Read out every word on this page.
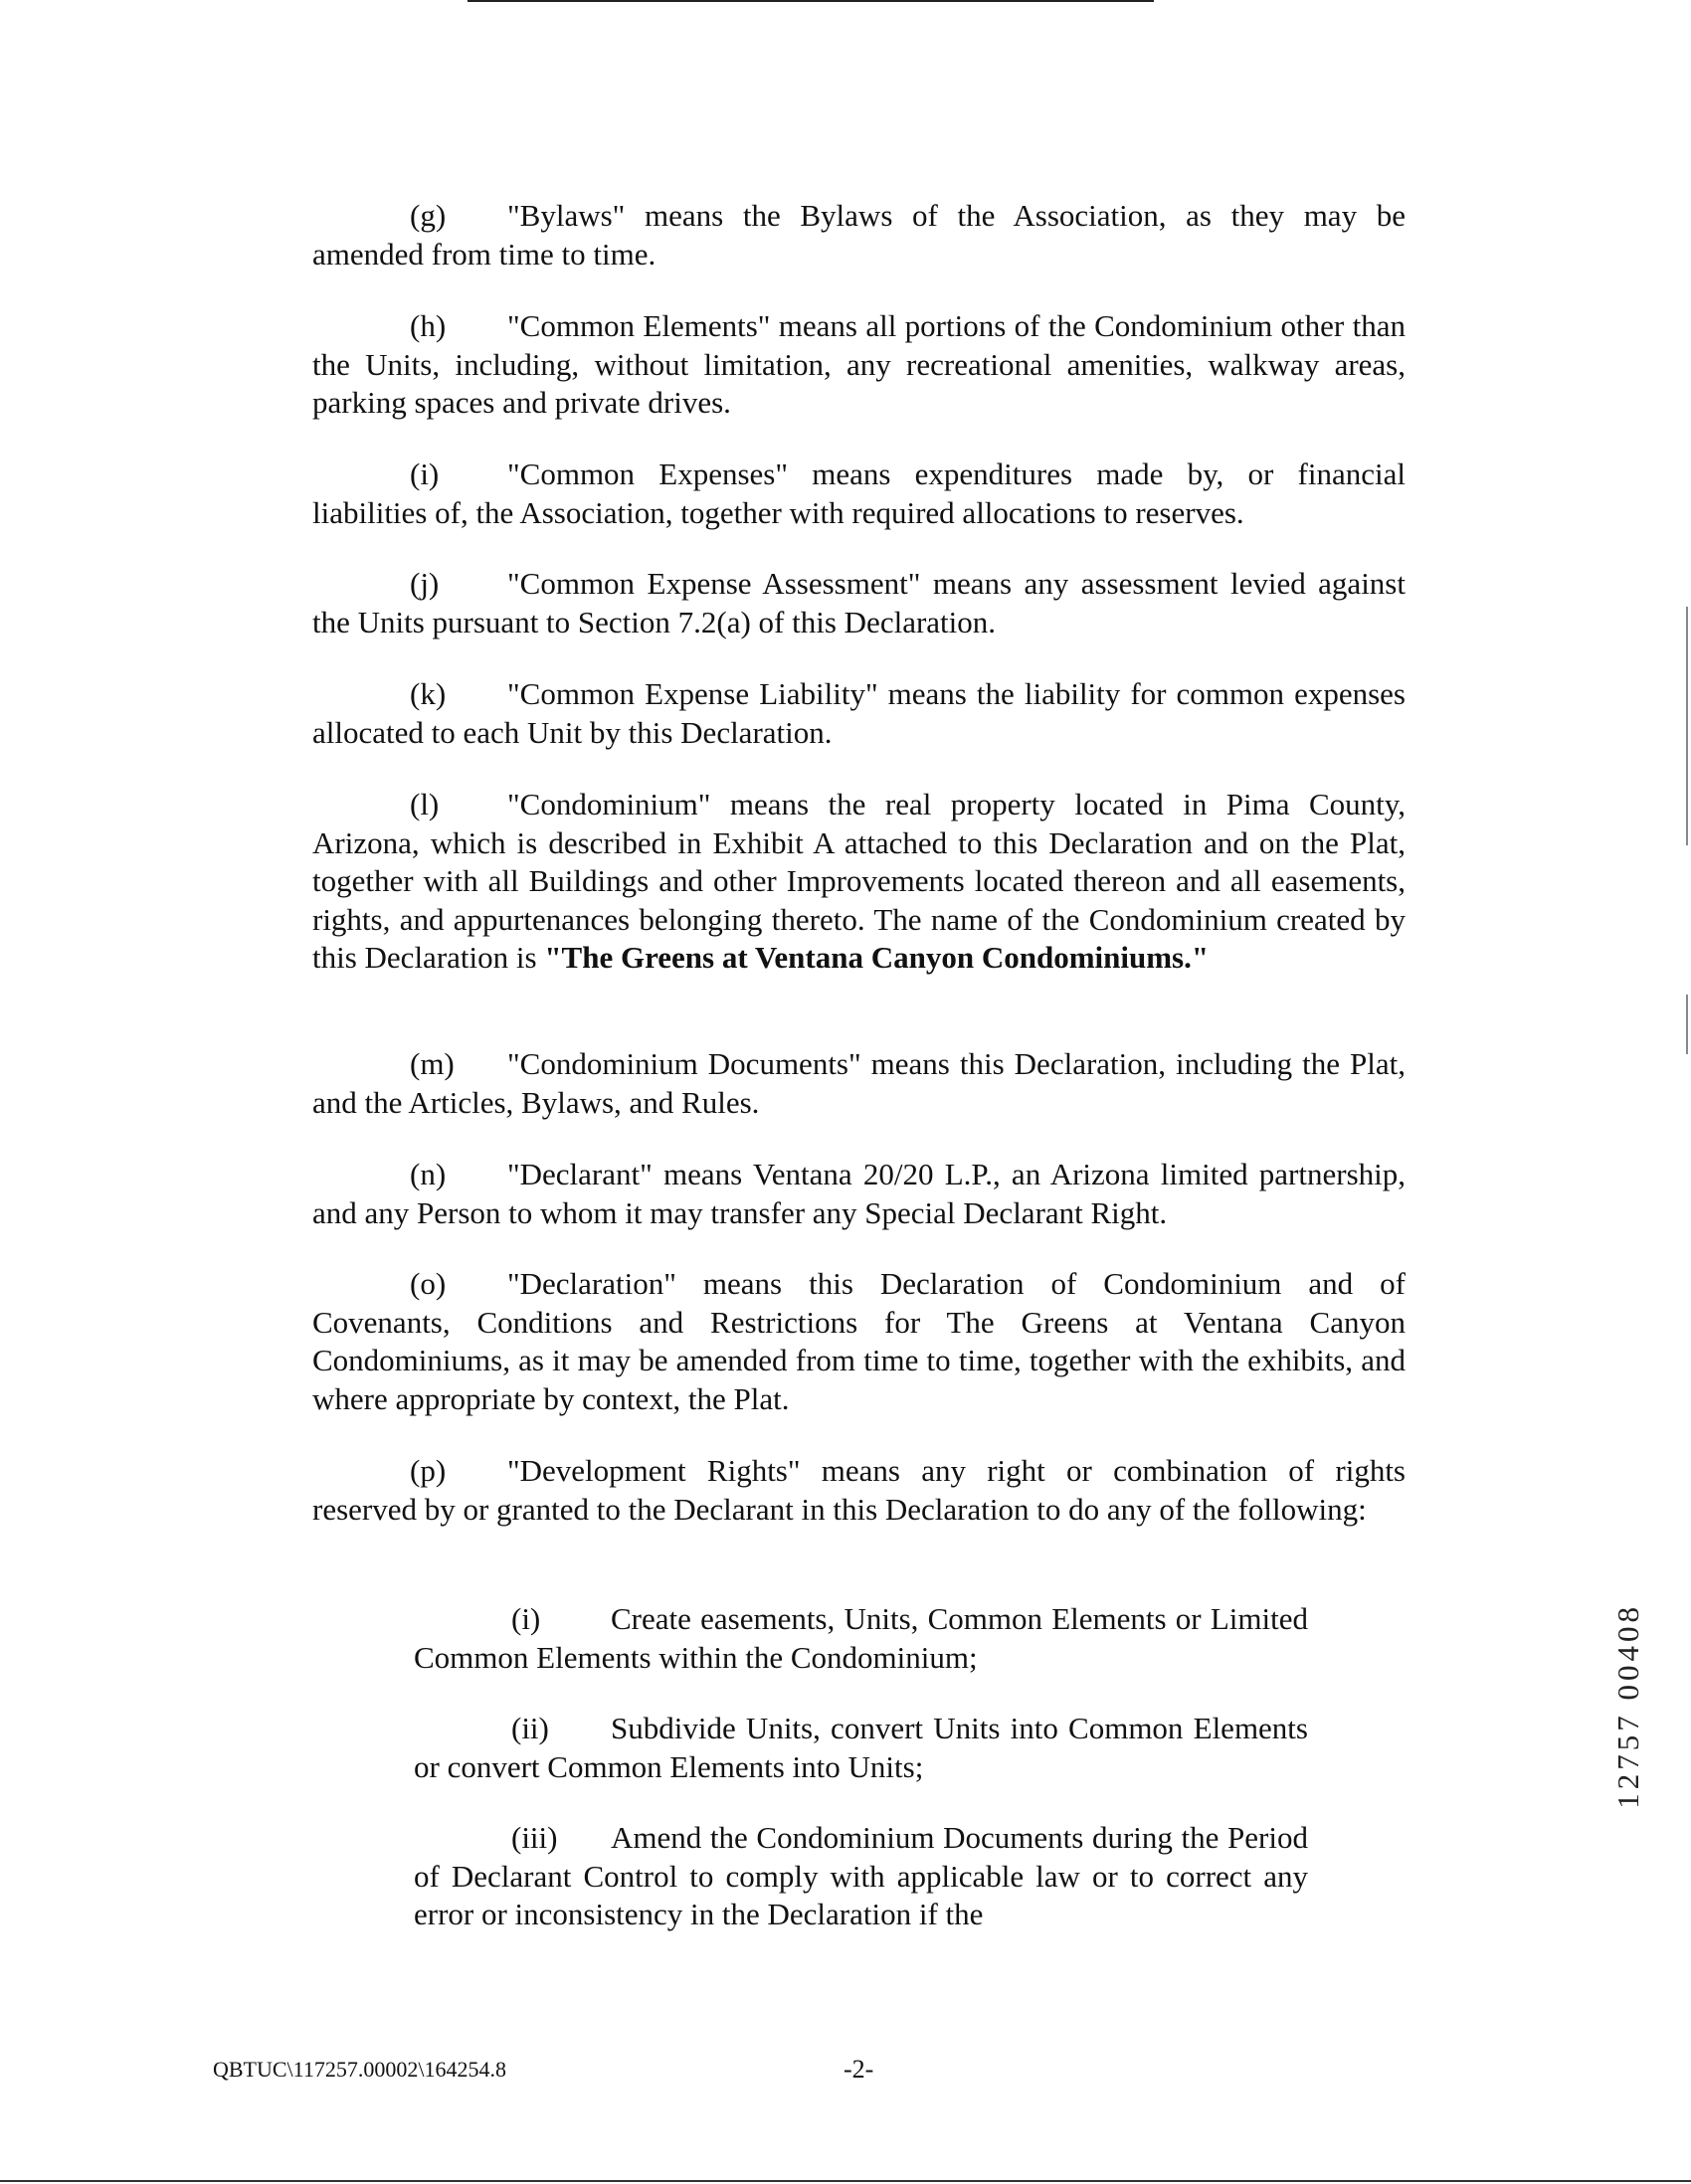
(g) "Bylaws" means the Bylaws of the Association, as they may be amended from time to time.

(h) "Common Elements" means all portions of the Condominium other than the Units, including, without limitation, any recreational amenities, walkway areas, parking spaces and private drives.

(i) "Common Expenses" means expenditures made by, or financial liabilities of, the Association, together with required allocations to reserves.

(j) "Common Expense Assessment" means any assessment levied against the Units pursuant to Section 7.2(a) of this Declaration.

(k) "Common Expense Liability" means the liability for common expenses allocated to each Unit by this Declaration.

(l) "Condominium" means the real property located in Pima County, Arizona, which is described in Exhibit A attached to this Declaration and on the Plat, together with all Buildings and other Improvements located thereon and all easements, rights, and appurtenances belonging thereto. The name of the Condominium created by this Declaration is "The Greens at Ventana Canyon Condominiums."

(m) "Condominium Documents" means this Declaration, including the Plat, and the Articles, Bylaws, and Rules.

(n) "Declarant" means Ventana 20/20 L.P., an Arizona limited partnership, and any Person to whom it may transfer any Special Declarant Right.

(o) "Declaration" means this Declaration of Condominium and of Covenants, Conditions and Restrictions for The Greens at Ventana Canyon Condominiums, as it may be amended from time to time, together with the exhibits, and where appropriate by context, the Plat.

(p) "Development Rights" means any right or combination of rights reserved by or granted to the Declarant in this Declaration to do any of the following:

(i) Create easements, Units, Common Elements or Limited Common Elements within the Condominium;

(ii) Subdivide Units, convert Units into Common Elements or convert Common Elements into Units;

(iii) Amend the Condominium Documents during the Period of Declarant Control to comply with applicable law or to correct any error or inconsistency in the Declaration if the

12757 00408
QBTUC\117257.00002\164254.8	-2-
